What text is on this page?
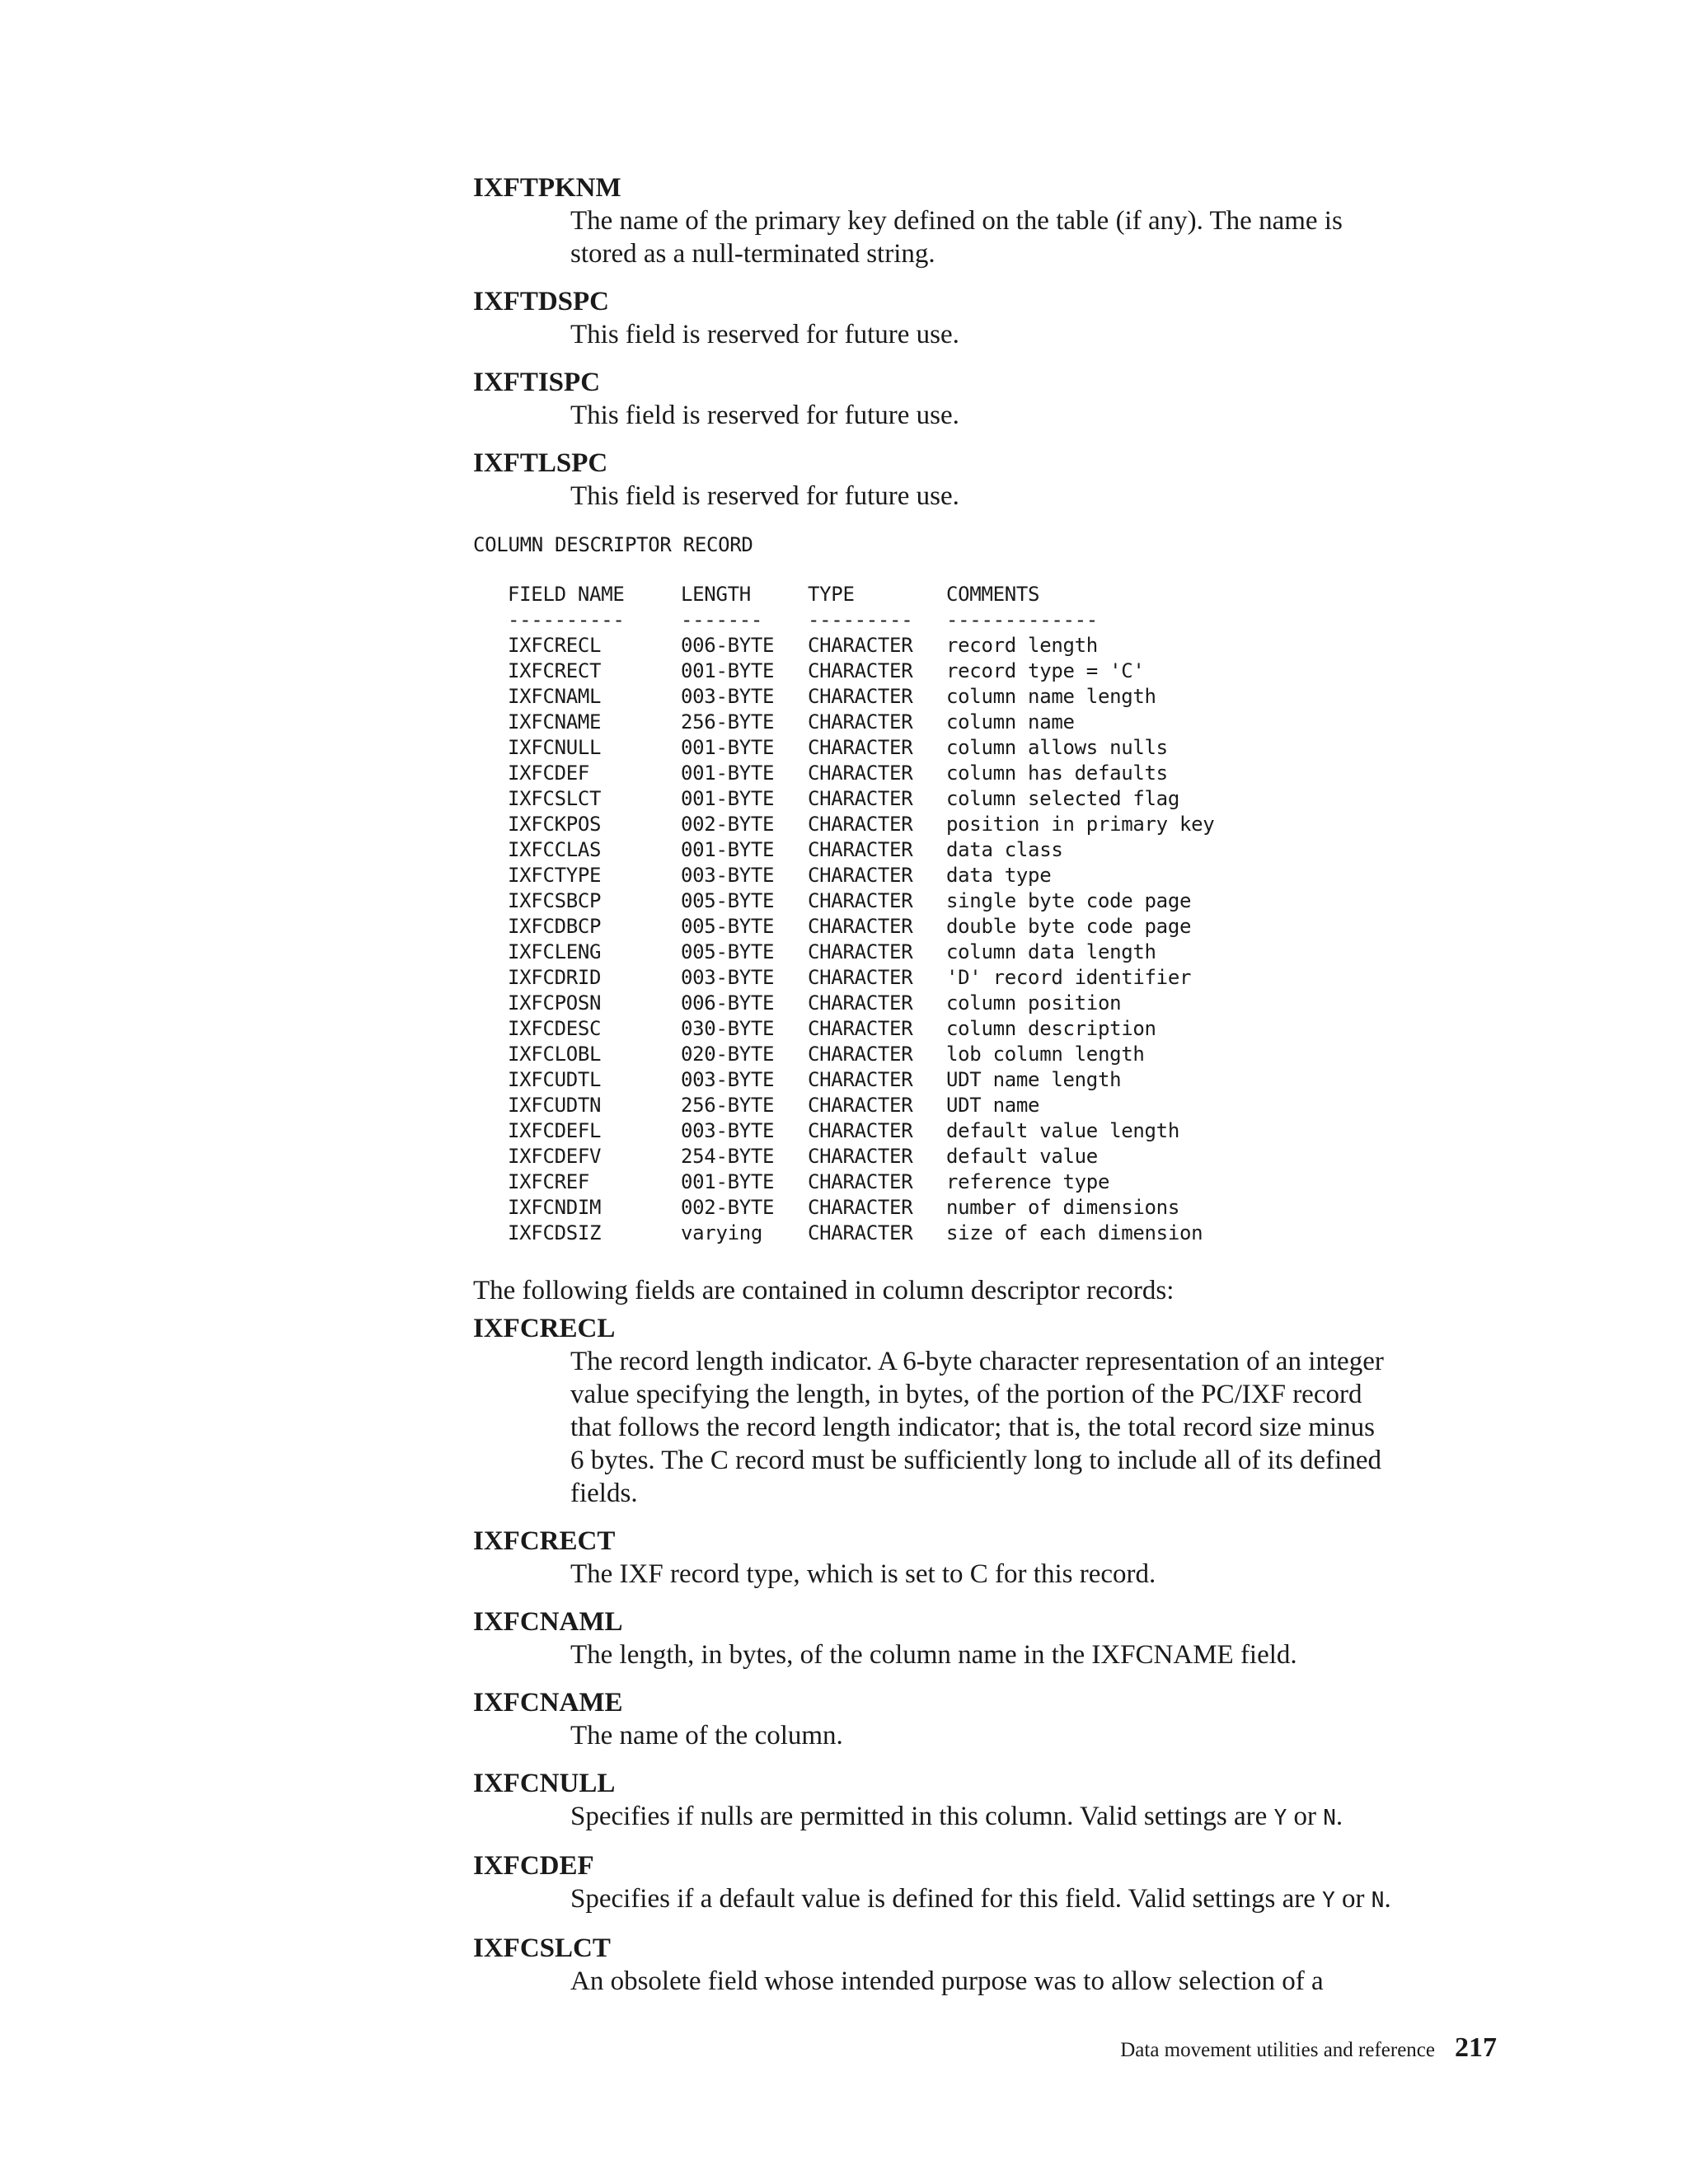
IXFTPKNM
The name of the primary key defined on the table (if any). The name is
stored as a null-terminated string.
IXFTDSPC
This field is reserved for future use.
IXFTISPC
This field is reserved for future use.
IXFTLSPC
This field is reserved for future use.
COLUMN DESCRIPTOR RECORD
FIELD NAME	LENGTH	TYPE	COMMENTS
----------	-------	---------	-------------
IXFCRECL	006-BYTE	CHARACTER	record length
IXFCRECT	001-BYTE	CHARACTER	record type = 'C'
IXFCNAML	003-BYTE	CHARACTER	column name length
IXFCNAME	256-BYTE	CHARACTER	column name
IXFCNULL	001-BYTE	CHARACTER	column allows nulls
IXFCDEF	001-BYTE	CHARACTER	column has defaults
IXFCSLCT	001-BYTE	CHARACTER	column selected flag
IXFCKPOS	002-BYTE	CHARACTER	position in primary key
IXFCCLAS	001-BYTE	CHARACTER	data class
IXFCTYPE	003-BYTE	CHARACTER	data type
IXFCSBCP	005-BYTE	CHARACTER	single byte code page
IXFCDBCP	005-BYTE	CHARACTER	double byte code page
IXFCLENG	005-BYTE	CHARACTER	column data length
IXFCDRID	003-BYTE	CHARACTER	'D' record identifier
IXFCPOSN	006-BYTE	CHARACTER	column position
IXFCDESC	030-BYTE	CHARACTER	column description
IXFCLOBL	020-BYTE	CHARACTER	lob column length
IXFCUDTL	003-BYTE	CHARACTER	UDT name length
IXFCUDTN	256-BYTE	CHARACTER	UDT name
IXFCDEFL	003-BYTE	CHARACTER	default value length
IXFCDEFV	254-BYTE	CHARACTER	default value
IXFCREF	001-BYTE	CHARACTER	reference type
IXFCNDIM	002-BYTE	CHARACTER	number of dimensions
IXFCDSIZ	varying	CHARACTER	size of each dimension
The following fields are contained in column descriptor records:
IXFCRECL
The record length indicator. A 6-byte character representation of an integer
value specifying the length, in bytes, of the portion of the PC/IXF record
that follows the record length indicator; that is, the total record size minus
6 bytes. The C record must be sufficiently long to include all of its defined
fields.
IXFCRECT
The IXF record type, which is set to C for this record.
IXFCNAML
The length, in bytes, of the column name in the IXFCNAME field.
IXFCNAME
The name of the column.
IXFCNULL
Specifies if nulls are permitted in this column. Valid settings are Y or N.
IXFCDEF
Specifies if a default value is defined for this field. Valid settings are Y or N.
IXFCSLCT
An obsolete field whose intended purpose was to allow selection of a
Data movement utilities and reference 217
